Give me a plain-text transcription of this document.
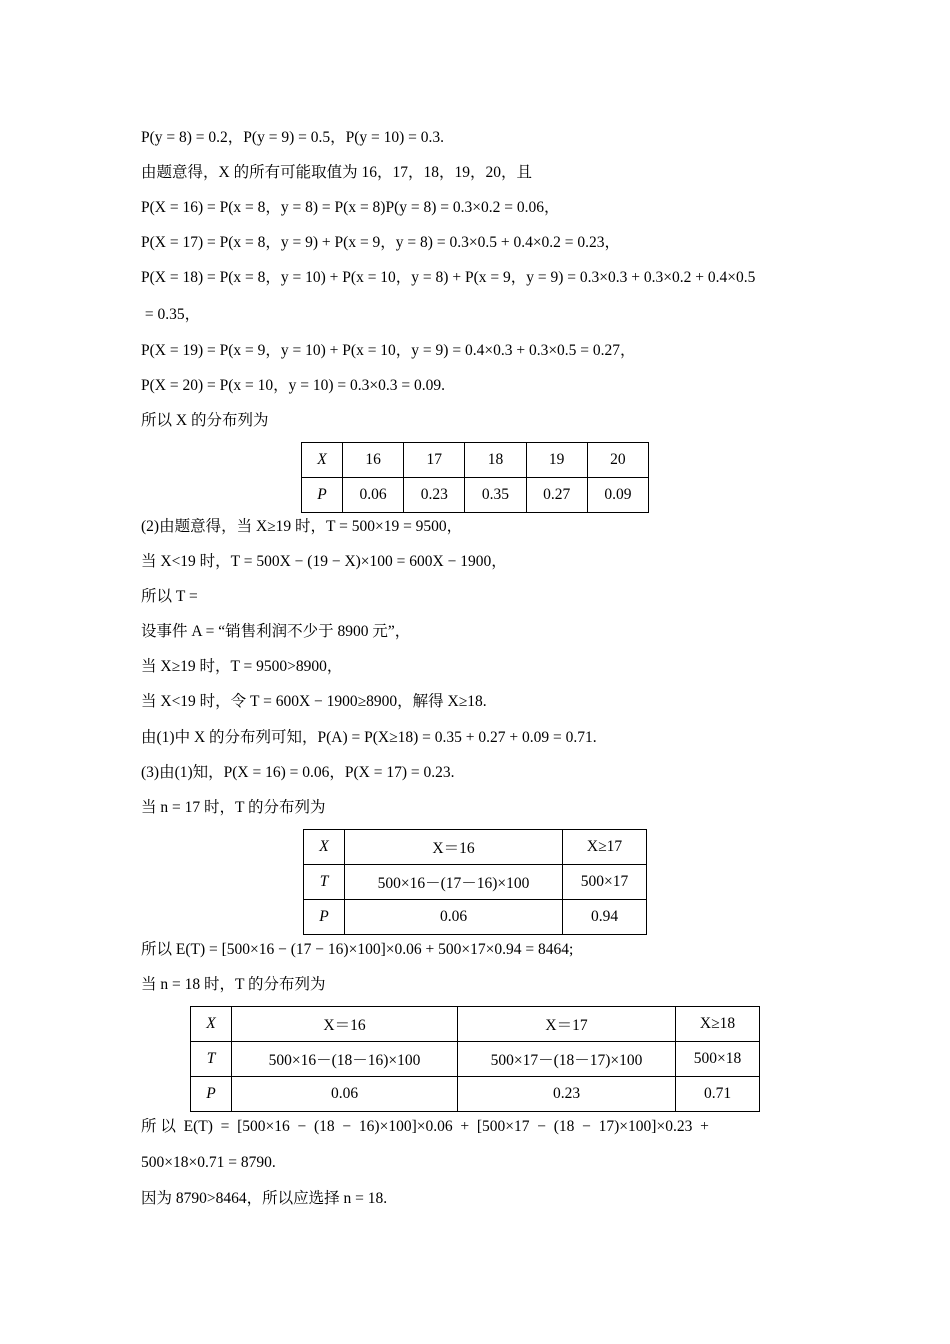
P(y = 8) = 0.2，P(y = 9) = 0.5，P(y = 10) = 0.3.
由题意得，X 的所有可能取值为 16，17，18，19，20，且
P(X = 16) = P(x = 8，y = 8) = P(x = 8)P(y = 8) = 0.3×0.2 = 0.06，
P(X = 17) = P(x = 8，y = 9) + P(x = 9，y = 8) = 0.3×0.5 + 0.4×0.2 = 0.23，
P(X = 18) = P(x = 8，y = 10) + P(x = 10，y = 8) + P(x = 9，y = 9) = 0.3×0.3 + 0.3×0.2 + 0.4×0.5
= 0.35，
P(X = 19) = P(x = 9，y = 10) + P(x = 10，y = 9) = 0.4×0.3 + 0.3×0.5 = 0.27，
P(X = 20) = P(x = 10，y = 10) = 0.3×0.3 = 0.09.
所以 X 的分布列为
X	16	17	18	19	20
P	0.06	0.23	0.35	0.27	0.09
(2)由题意得，当 X≥19 时，T = 500×19 = 9500，
当 X<19 时，T = 500X − (19 − X)×100 = 600X − 1900，
所以 T =
设事件 A = “销售利润不少于 8900 元”，
当 X≥19 时，T = 9500>8900，
当 X<19 时，令 T = 600X − 1900≥8900，解得 X≥18.
由(1)中 X 的分布列可知，P(A) = P(X≥18) = 0.35 + 0.27 + 0.09 = 0.71.
(3)由(1)知，P(X = 16) = 0.06，P(X = 17) = 0.23.
当 n = 17 时，T 的分布列为
X	X＝16	X≥17
T	500×16－(17－16)×100	500×17
P	0.06	0.94
所以 E(T) = [500×16 − (17 − 16)×100]×0.06 + 500×17×0.94 = 8464;
当 n = 18 时，T 的分布列为
X	X＝16	X＝17	X≥18
T	500×16－(18－16)×100	500×17－(18－17)×100	500×18
P	0.06	0.23	0.71
所 以  E(T)  =  [500×16  −  (18  −  16)×100]×0.06  +  [500×17  −  (18  −  17)×100]×0.23  +
500×18×0.71 = 8790.
因为 8790>8464，所以应选择 n = 18.
